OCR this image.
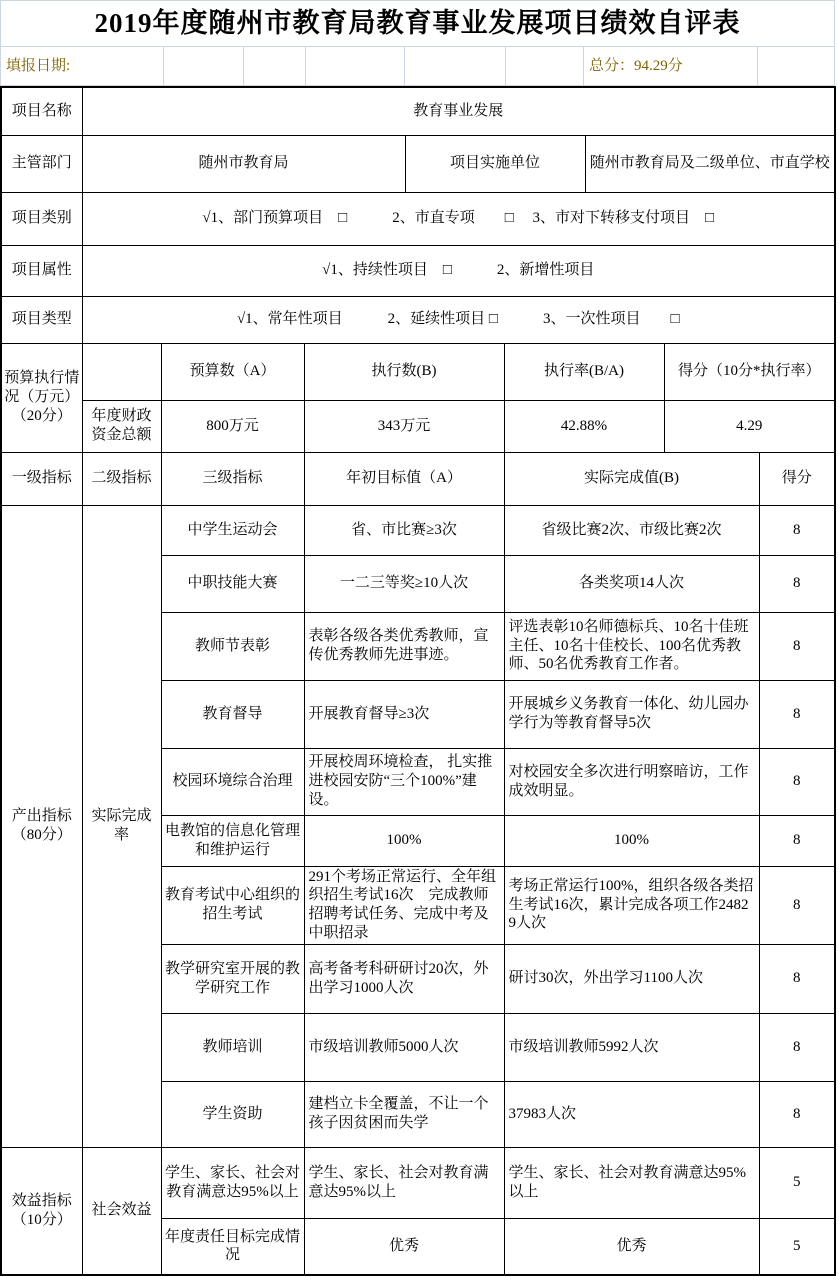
2019年度随州市教育局教育事业发展项目绩效自评表
填报日期:						总分：94.29分	
项目名称	教育事业发展							
主管部门	随州市教育局			项目实施单位		随州市教育局及二级单位、市直学校		
项目类别	√1、部门预算项目　□　　　2、市直专项　　□　 3、市对下转移支付项目　□							
项目属性	√1、持续性项目　□　　　2、新增性项目							
项目类型	√1、常年性项目　　　2、延续性项目 □　　　3、一次性项目　　□							
预算执行情况（万元）（20分）		预算数（A）	执行数(B)		执行率(B/A)		得分（10分*执行率）	
	年度财政资金总额	800万元	343万元		42.88%		4.29	
一级指标	二级指标	三级指标	年初目标值（A）		实际完成值(B)			得分
产出指标（80分）	实际完成率	中学生运动会	省、市比赛≥3次		省级比赛2次、市级比赛2次			8
		中职技能大赛	一二三等奖≥10人次		各类奖项14人次			8
		教师节表彰	表彰各级各类优秀教师，宣传优秀教师先进事迹。		评选表彰10名师德标兵、10名十佳班主任、10名十佳校长、100名优秀教师、50名优秀教育工作者。			8
		教育督导	开展教育督导≥3次		开展城乡义务教育一体化、幼儿园办学行为等教育督导5次			8
		校园环境综合治理	开展校周环境检查， 扎实推进校园安防“三个100%”建设。		对校园安全多次进行明察暗访，工作成效明显。			8
		电教馆的信息化管理和维护运行	100%		100%			8
		教育考试中心组织的招生考试	291个考场正常运行、全年组织招生考试16次　完成教师招聘考试任务、完成中考及中职招录		考场正常运行100%，组织各级各类招生考试16次，累计完成各项工作24829人次			8
		教学研究室开展的教学研究工作	高考备考科研研讨20次，外出学习1000人次		研讨30次，外出学习1100人次			8
		教师培训	市级培训教师5000人次		市级培训教师5992人次			8
		学生资助	建档立卡全覆盖，不让一个孩子因贫困而失学		37983人次			8
效益指标（10分）	社会效益	学生、家长、社会对教育满意达95%以上	学生、家长、社会对教育满意达95%以上		学生、家长、社会对教育满意达95%以上			5
		年度责任目标完成情况	优秀		优秀			5
